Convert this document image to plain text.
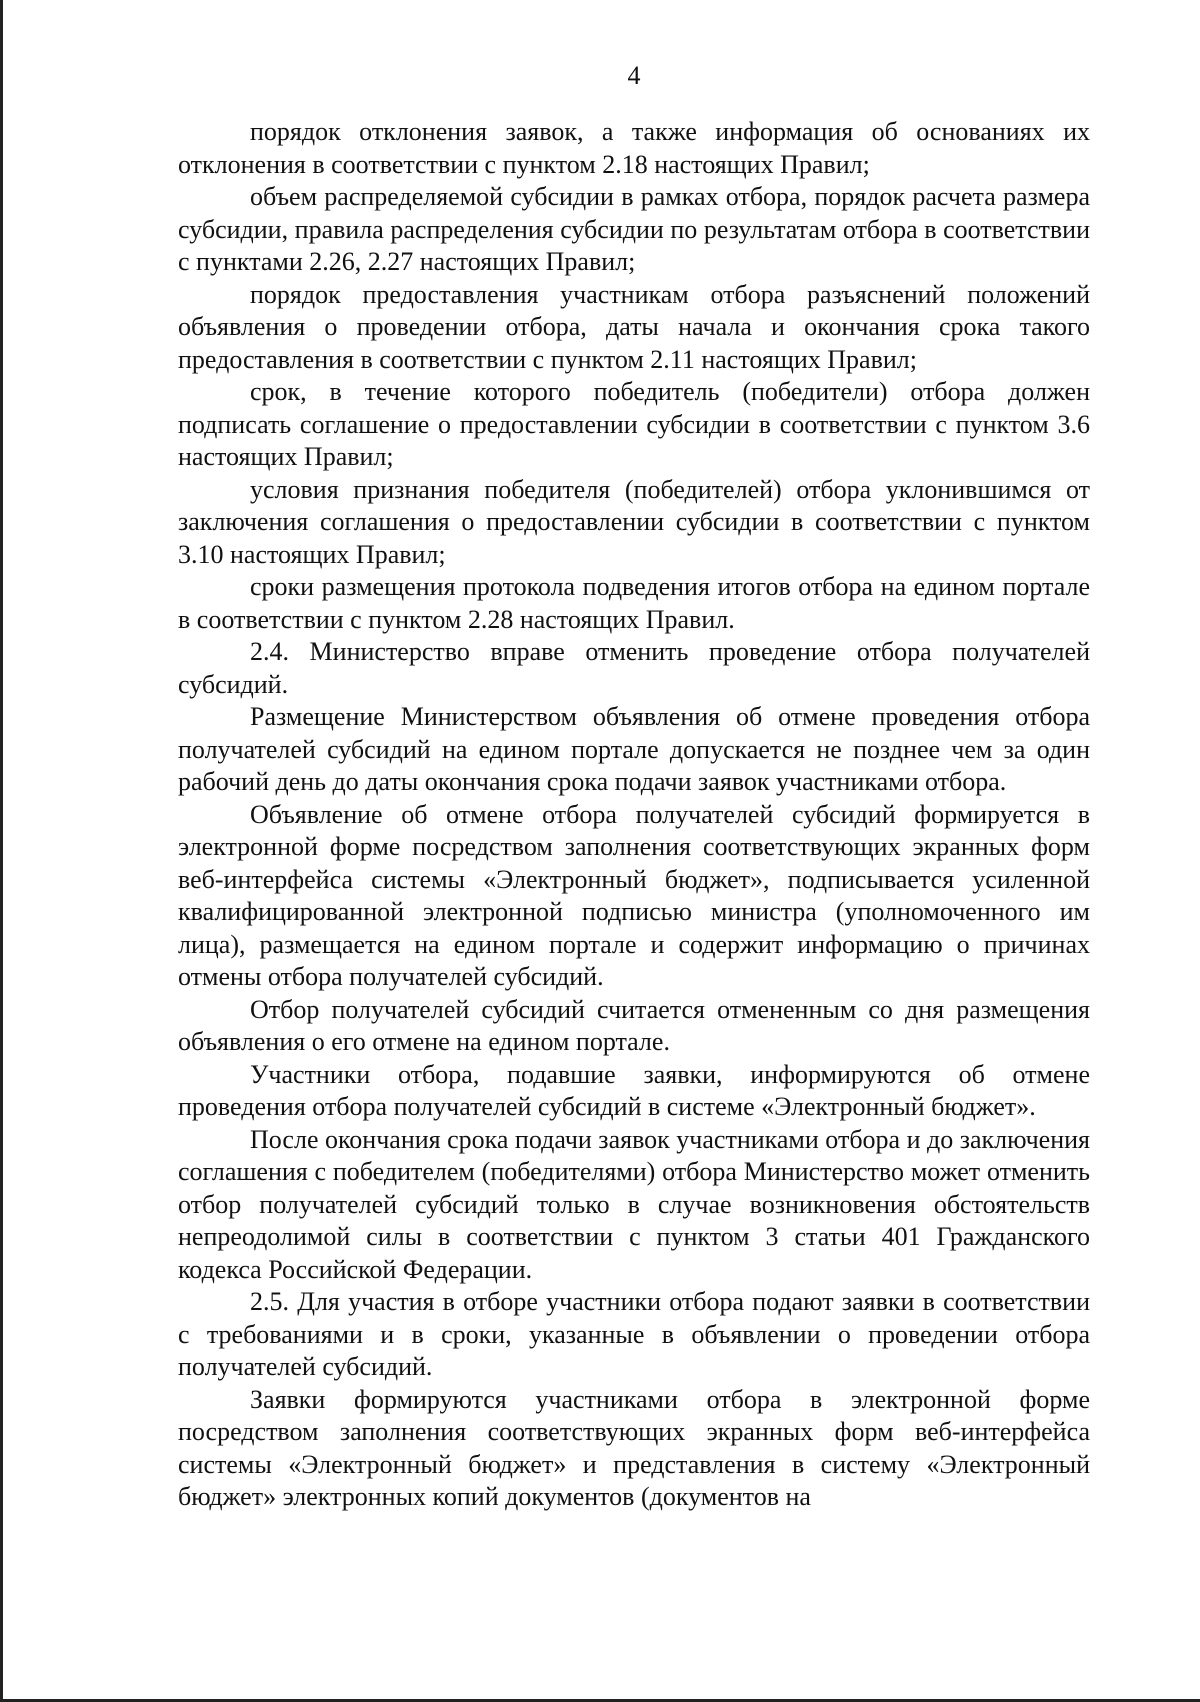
4

порядок отклонения заявок, а также информация об основаниях их отклонения в соответствии с пунктом 2.18 настоящих Правил;

объем распределяемой субсидии в рамках отбора, порядок расчета размера субсидии, правила распределения субсидии по результатам отбора в соответствии с пунктами 2.26, 2.27 настоящих Правил;

порядок предоставления участникам отбора разъяснений положений объявления о проведении отбора, даты начала и окончания срока такого предоставления в соответствии с пунктом 2.11 настоящих Правил;

срок, в течение которого победитель (победители) отбора должен подписать соглашение о предоставлении субсидии в соответствии с пунктом 3.6 настоящих Правил;

условия признания победителя (победителей) отбора уклонившимся от заключения соглашения о предоставлении субсидии в соответствии с пунктом 3.10 настоящих Правил;

сроки размещения протокола подведения итогов отбора на едином портале в соответствии с пунктом 2.28 настоящих Правил.

2.4. Министерство вправе отменить проведение отбора получателей субсидий.

Размещение Министерством объявления об отмене проведения отбора получателей субсидий на едином портале допускается не позднее чем за один рабочий день до даты окончания срока подачи заявок участниками отбора.

Объявление об отмене отбора получателей субсидий формируется в электронной форме посредством заполнения соответствующих экранных форм веб-интерфейса системы «Электронный бюджет», подписывается усиленной квалифицированной электронной подписью министра (уполномоченного им лица), размещается на едином портале и содержит информацию о причинах отмены отбора получателей субсидий.

Отбор получателей субсидий считается отмененным со дня размещения объявления о его отмене на едином портале.

Участники отбора, подавшие заявки, информируются об отмене проведения отбора получателей субсидий в системе «Электронный бюджет».

После окончания срока подачи заявок участниками отбора и до заключения соглашения с победителем (победителями) отбора Министерство может отменить отбор получателей субсидий только в случае возникновения обстоятельств непреодолимой силы в соответствии с пунктом 3 статьи 401 Гражданского кодекса Российской Федерации.

2.5. Для участия в отборе участники отбора подают заявки в соответствии с требованиями и в сроки, указанные в объявлении о проведении отбора получателей субсидий.

Заявки формируются участниками отбора в электронной форме посредством заполнения соответствующих экранных форм веб-интерфейса системы «Электронный бюджет» и представления в систему «Электронный бюджет» электронных копий документов (документов на
